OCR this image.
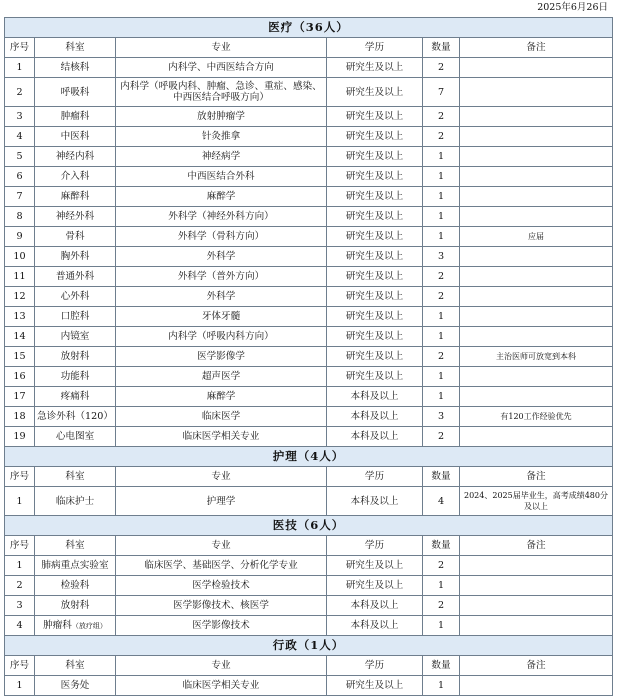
2025年6月26日
医疗（36人）					
序号	科室	专业	学历	数量	备注
1	结核科	内科学、中西医结合方向	研究生及以上	2	
2	呼吸科	内科学（呼吸内科、肿瘤、急诊、重症、感染、中西医结合呼吸方向）	研究生及以上	7	
3	肿瘤科	放射肿瘤学	研究生及以上	2	
4	中医科	针灸推拿	研究生及以上	2	
5	神经内科	神经病学	研究生及以上	1	
6	介入科	中西医结合外科	研究生及以上	1	
7	麻醉科	麻醉学	研究生及以上	1	
8	神经外科	外科学（神经外科方向）	研究生及以上	1	
9	骨科	外科学（骨科方向）	研究生及以上	1	应届
10	胸外科	外科学	研究生及以上	3	
11	普通外科	外科学（普外方向）	研究生及以上	2	
12	心外科	外科学	研究生及以上	2	
13	口腔科	牙体牙髓	研究生及以上	1	
14	内镜室	内科学（呼吸内科方向）	研究生及以上	1	
15	放射科	医学影像学	研究生及以上	2	主治医师可放宽到本科
16	功能科	超声医学	研究生及以上	1	
17	疼痛科	麻醉学	本科及以上	1	
18	急诊外科（120）	临床医学	本科及以上	3	有120工作经验优先
19	心电图室	临床医学相关专业	本科及以上	2	
护理（4人）					
序号	科室	专业	学历	数量	备注
1	临床护士	护理学	本科及以上	4	2024、2025届毕业生，高考成绩480分及以上
医技（6人）					
序号	科室	专业	学历	数量	备注
1	肺病重点实验室	临床医学、基础医学、分析化学专业	研究生及以上	2	
2	检验科	医学检验技术	研究生及以上	1	
3	放射科	医学影像技术、核医学	本科及以上	2	
4	肿瘤科（放疗组）	医学影像技术	本科及以上	1	
行政（1人）					
序号	科室	专业	学历	数量	备注
1	医务处	临床医学相关专业	研究生及以上	1	
